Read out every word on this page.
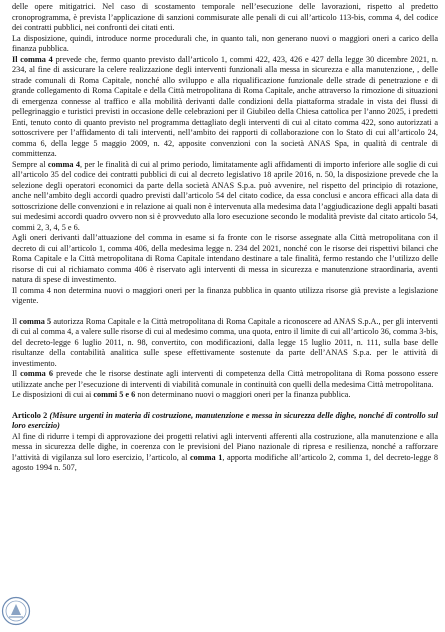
delle opere mitigatrici. Nel caso di scostamento temporale nell’esecuzione delle lavorazioni, rispetto al predetto cronoprogramma, è prevista l’applicazione di sanzioni commisurate alle penali di cui all’articolo 113-bis, comma 4, del codice dei contratti pubblici, nei confronti dei citati enti.

La disposizione, quindi, introduce norme procedurali che, in quanto tali, non generano nuovi o maggiori oneri a carico della finanza pubblica.

Il comma 4 prevede che, fermo quanto previsto dall’articolo 1, commi 422, 423, 426 e 427 della legge 30 dicembre 2021, n. 234, al fine di assicurare la celere realizzazione degli interventi funzionali alla messa in sicurezza e alla manutenzione, , delle strade comunali di Roma Capitale, nonché allo sviluppo e alla riqualificazione funzionale delle strade di penetrazione e di grande collegamento di Roma Capitale e della Città metropolitana di Roma Capitale, anche attraverso la rimozione di situazioni di emergenza connesse al traffico e alla mobilità derivanti dalle condizioni della piattaforma stradale in vista dei flussi di pellegrinaggio e turistici previsti in occasione delle celebrazioni per il Giubileo della Chiesa cattolica per l’anno 2025, i predetti Enti, tenuto conto di quanto previsto nel programma dettagliato degli interventi di cui al citato comma 422, sono autorizzati a sottoscrivere per l’affidamento di tali interventi, nell’ambito dei rapporti di collaborazione con lo Stato di cui all’articolo 24, comma 6, della legge 5 maggio 2009, n. 42, apposite convenzioni con la società ANAS Spa, in qualità di centrale di committenza.

Sempre al comma 4, per le finalità di cui al primo periodo, limitatamente agli affidamenti di importo inferiore alle soglie di cui all’articolo 35 del codice dei contratti pubblici di cui al decreto legislativo 18 aprile 2016, n. 50, la disposizione prevede che la selezione degli operatori economici da parte della società ANAS S.p.a. può avvenire, nel rispetto del principio di rotazione, anche nell’ambito degli accordi quadro previsti dall’articolo 54 del citato codice, da essa conclusi e ancora efficaci alla data di sottoscrizione delle convenzioni e in relazione ai quali non è intervenuta alla medesima data l’aggiudicazione degli appalti basati sui medesimi accordi quadro ovvero non si è provveduto alla loro esecuzione secondo le modalità previste dal citato articolo 54, commi 2, 3, 4, 5 e 6.

Agli oneri derivanti dall’attuazione del comma in esame si fa fronte con le risorse assegnate alla Città metropolitana con il decreto di cui all’articolo 1, comma 406, della medesima legge n. 234 del 2021, nonché con le risorse dei rispettivi bilanci che Roma Capitale e la Città metropolitana di Roma Capitale intendano destinare a tale finalità, fermo restando che l’utilizzo delle risorse di cui al richiamato comma 406 è riservato agli interventi di messa in sicurezza e manutenzione straordinaria, aventi natura di spese di investimento.

Il comma 4 non determina nuovi o maggiori oneri per la finanza pubblica in quanto utilizza risorse già previste a legislazione vigente.

Il comma 5 autorizza Roma Capitale e la Città metropolitana di Roma Capitale a riconoscere ad ANAS S.p.A., per gli interventi di cui al comma 4, a valere sulle risorse di cui al medesimo comma, una quota, entro il limite di cui all’articolo 36, comma 3-bis, del decreto-legge 6 luglio 2011, n. 98, convertito, con modificazioni, dalla legge 15 luglio 2011, n. 111, sulla base delle risultanze della contabilità analitica sulle spese effettivamente sostenute da parte dell’ANAS S.p.a. per le attività di investimento.

Il comma 6 prevede che le risorse destinate agli interventi di competenza della Città metropolitana di Roma possono essere utilizzate anche per l’esecuzione di interventi di viabilità comunale in continuità con quelli della medesima Città metropolitana.

Le disposizioni di cui ai commi 5 e 6 non determinano nuovi o maggiori oneri per la finanza pubblica.

Articolo 2 (Misure urgenti in materia di costruzione, manutenzione e messa in sicurezza delle dighe, nonché di controllo sul loro esercizio)

Al fine di ridurre i tempi di approvazione dei progetti relativi agli interventi afferenti alla costruzione, alla manutenzione e alla messa in sicurezza delle dighe, in coerenza con le previsioni del Piano nazionale di ripresa e resilienza, nonché a rafforzare l’attività di vigilanza sul loro esercizio, l’articolo, al comma 1, apporta modifiche all’articolo 2, comma 1, del decreto-legge 8 agosto 1994 n. 507,
